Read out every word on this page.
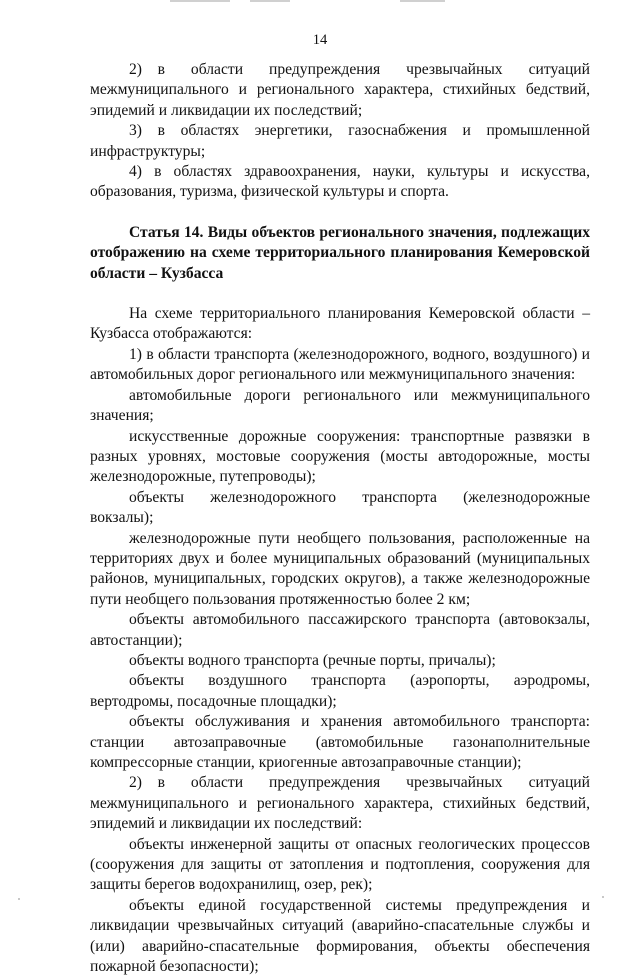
14

2) в области предупреждения чрезвычайных ситуаций межмуниципального и регионального характера, стихийных бедствий, эпидемий и ликвидации их последствий;

3) в областях энергетики, газоснабжения и промышленной инфраструктуры;

4) в областях здравоохранения, науки, культуры и искусства, образования, туризма, физической культуры и спорта.

Статья 14. Виды объектов регионального значения, подлежащих отображению на схеме территориального планирования Кемеровской области – Кузбасса

На схеме территориального планирования Кемеровской области – Кузбасса отображаются:

1) в области транспорта (железнодорожного, водного, воздушного) и автомобильных дорог регионального или межмуниципального значения:

автомобильные дороги регионального или межмуниципального значения;

искусственные дорожные сооружения: транспортные развязки в разных уровнях, мостовые сооружения (мосты автодорожные, мосты железнодорожные, путепроводы);

объекты железнодорожного транспорта (железнодорожные вокзалы);

железнодорожные пути необщего пользования, расположенные на территориях двух и более муниципальных образований (муниципальных районов, муниципальных, городских округов), а также железнодорожные пути необщего пользования протяженностью более 2 км;

объекты автомобильного пассажирского транспорта (автовокзалы, автостанции);

объекты водного транспорта (речные порты, причалы);

объекты воздушного транспорта (аэропорты, аэродромы, вертодромы, посадочные площадки);

объекты обслуживания и хранения автомобильного транспорта: станции автозаправочные (автомобильные газонаполнительные компрессорные станции, криогенные автозаправочные станции);

2) в области предупреждения чрезвычайных ситуаций межмуниципального и регионального характера, стихийных бедствий, эпидемий и ликвидации их последствий:

объекты инженерной защиты от опасных геологических процессов (сооружения для защиты от затопления и подтопления, сооружения для защиты берегов водохранилищ, озер, рек);

объекты единой государственной системы предупреждения и ликвидации чрезвычайных ситуаций (аварийно-спасательные службы и (или) аварийно-спасательные формирования, объекты обеспечения пожарной безопасности);
